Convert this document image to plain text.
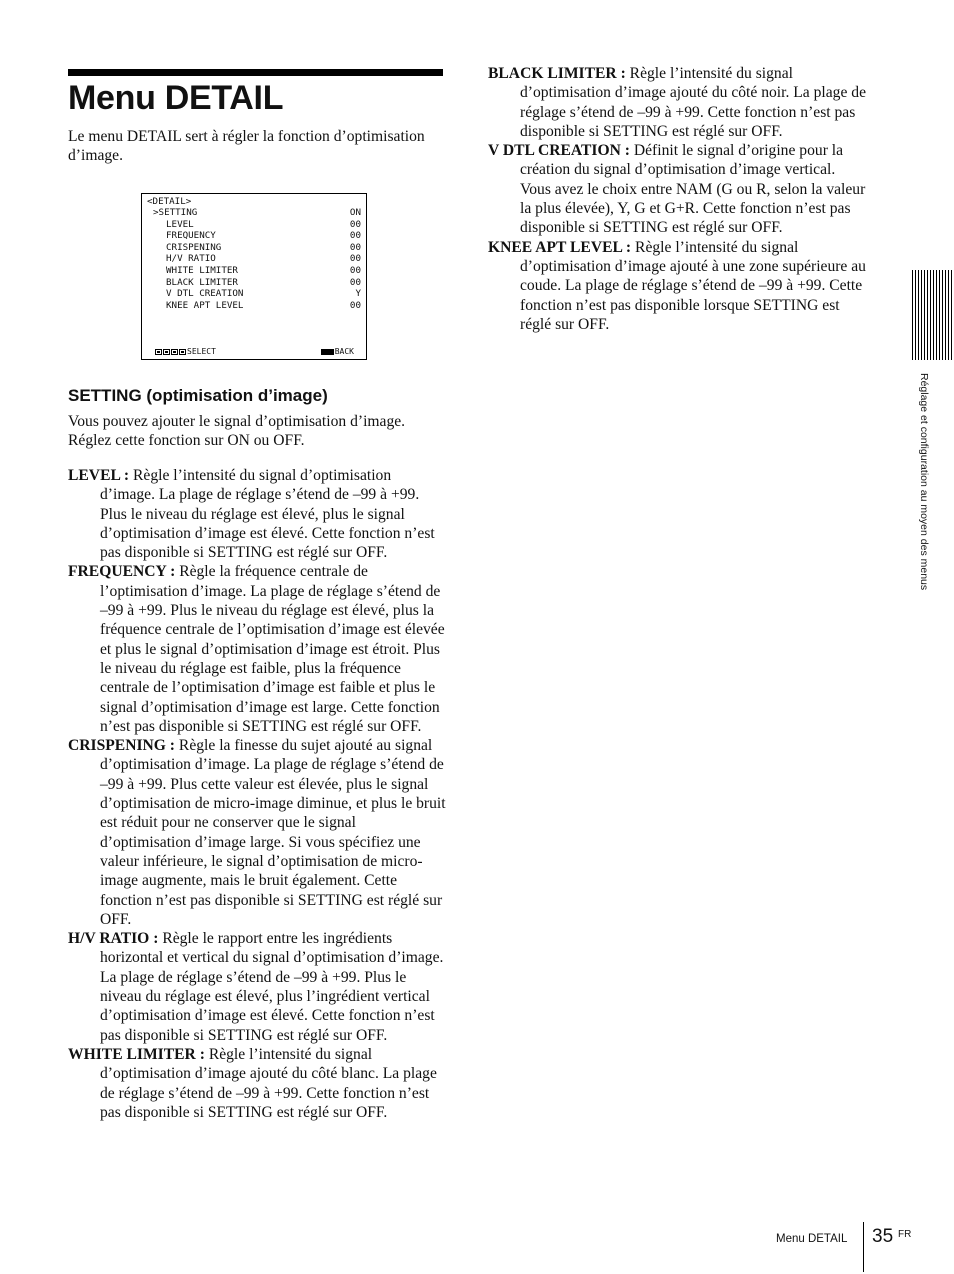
Menu DETAIL

Le menu DETAIL sert à régler la fonction d’optimisation d’image.

<DETAIL>
>SETTING	ON
LEVEL	00
FREQUENCY	00
CRISPENING	00
H/V RATIO	00
WHITE LIMITER	00
BLACK LIMITER	00
V DTL CREATION	Y
KNEE APT LEVEL	00
SELECT	BACK
SETTING (optimisation d’image)

Vous pouvez ajouter le signal d’optimisation d’image. Réglez cette fonction sur ON ou OFF.

LEVEL : Règle l’intensité du signal d’optimisation d’image. La plage de réglage s’étend de –99 à +99. Plus le niveau du réglage est élevé, plus le signal d’optimisation d’image est élevé. Cette fonction n’est pas disponible si SETTING est réglé sur OFF.

FREQUENCY : Règle la fréquence centrale de l’optimisation d’image. La plage de réglage s’étend de –99 à +99. Plus le niveau du réglage est élevé, plus la fréquence centrale de l’optimisation d’image est élevée et plus le signal d’optimisation d’image est étroit. Plus le niveau du réglage est faible, plus la fréquence centrale de l’optimisation d’image est faible et plus le signal d’optimisation d’image est large. Cette fonction n’est pas disponible si SETTING est réglé sur OFF.

CRISPENING : Règle la finesse du sujet ajouté au signal d’optimisation d’image. La plage de réglage s’étend de –99 à +99. Plus cette valeur est élevée, plus le signal d’optimisation de micro-image diminue, et plus le bruit est réduit pour ne conserver que le signal d’optimisation d’image large. Si vous spécifiez une valeur inférieure, le signal d’optimisation de micro-image augmente, mais le bruit également. Cette fonction n’est pas disponible si SETTING est réglé sur OFF.

H/V RATIO : Règle le rapport entre les ingrédients horizontal et vertical du signal d’optimisation d’image. La plage de réglage s’étend de –99 à +99. Plus le niveau du réglage est élevé, plus l’ingrédient vertical d’optimisation d’image est élevé. Cette fonction n’est pas disponible si SETTING est réglé sur OFF.

WHITE LIMITER : Règle l’intensité du signal d’optimisation d’image ajouté du côté blanc. La plage de réglage s’étend de –99 à +99. Cette fonction n’est pas disponible si SETTING est réglé sur OFF.

BLACK LIMITER : Règle l’intensité du signal d’optimisation d’image ajouté du côté noir. La plage de réglage s’étend de –99 à +99. Cette fonction n’est pas disponible si SETTING est réglé sur OFF.

V DTL CREATION : Définit le signal d’origine pour la création du signal d’optimisation d’image vertical. Vous avez le choix entre NAM (G ou R, selon la valeur la plus élevée), Y, G et G+R. Cette fonction n’est pas disponible si SETTING est réglé sur OFF.

KNEE APT LEVEL : Règle l’intensité du signal d’optimisation d’image ajouté à une zone supérieure au coude. La plage de réglage s’étend de –99 à +99. Cette fonction n’est pas disponible lorsque SETTING est réglé sur OFF.

Réglage et configuration au moyen des menus
Menu DETAIL 35 FR
